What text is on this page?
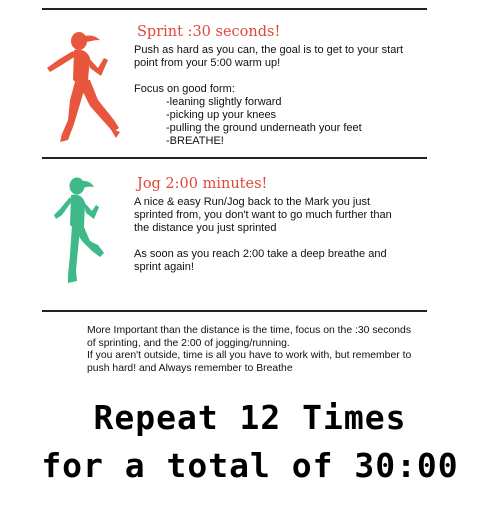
Sprint :30 seconds!

Push as hard as you can, the goal is to get to your start

point from your 5:00 warm up!

Focus on good form:

-leaning slightly forward

-picking up your knees

-pulling the ground underneath your feet

-BREATHE!

Jog 2:00 minutes!

A nice & easy Run/Jog back to the Mark you just

sprinted from, you don't want to go much further than

the distance you just sprinted

As soon as you reach 2:00 take a deep breathe and

sprint again!

More Important than the distance is the time, focus on the :30 seconds

of sprinting, and the 2:00 of jogging/running.

If you aren't outside, time is all you have to work with, but remember to

push hard! and Always remember to Breathe

Repeat 12 Times
for a total of 30:00
